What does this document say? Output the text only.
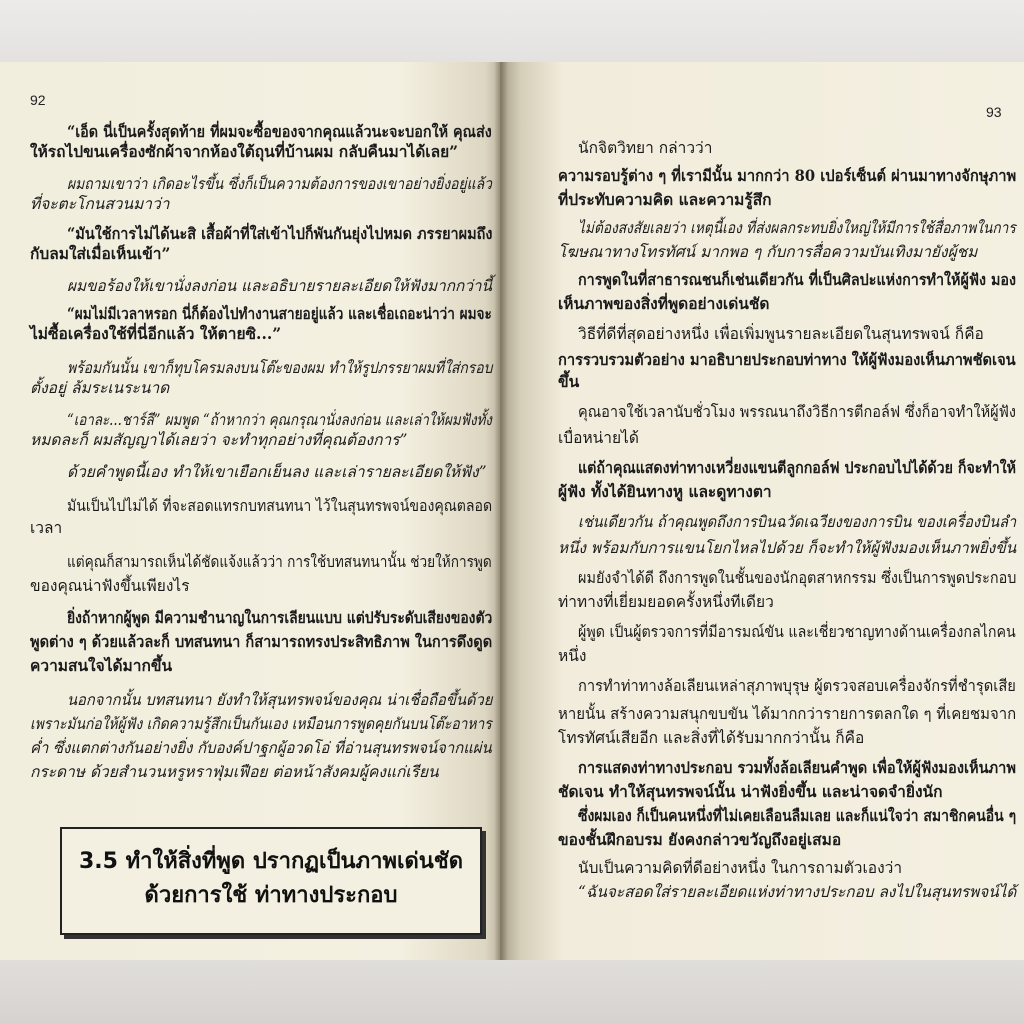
92
“เอ็ด นี่เป็นครั้งสุดท้าย ที่ผมจะซื้อของจากคุณแล้วนะจะบอกให้ คุณส่ง
ให้รถไปขนเครื่องซักผ้าจากห้องใต้ถุนที่บ้านผม กลับคืนมาได้เลย”
ผมถามเขาว่า เกิดอะไรขึ้น ซึ่งก็เป็นความต้องการของเขาอย่างยิ่งอยู่แล้ว
ที่จะตะโกนสวนมาว่า
“มันใช้การไม่ได้นะสิ เสื้อผ้าที่ใส่เข้าไปก็พันกันยุ่งไปหมด ภรรยาผมถึง
กับลมใส่เมื่อเห็นเข้า”
ผมขอร้องให้เขานั่งลงก่อน และอธิบายรายละเอียดให้ฟังมากกว่านี้
“ผมไม่มีเวลาหรอก นี่ก็ต้องไปทำงานสายอยู่แล้ว และเชื่อเถอะน่าว่า ผมจะ
ไม่ซื้อเครื่องใช้ที่นี่อีกแล้ว ให้ตายซิ...”
พร้อมกันนั้น เขาก็ทุบโครมลงบนโต๊ะของผม ทำให้รูปภรรยาผมที่ใส่กรอบ
ตั้งอยู่ ล้มระเนระนาด
“เอาละ...ชาร์ลี” ผมพูด “ถ้าหากว่า คุณกรุณานั่งลงก่อน และเล่าให้ผมฟังทั้ง
หมดละก็ ผมสัญญาได้เลยว่า จะทำทุกอย่างที่คุณต้องการ”
ด้วยคำพูดนี้เอง ทำให้เขาเยือกเย็นลง และเล่ารายละเอียดให้ฟัง”
มันเป็นไปไม่ได้ ที่จะสอดแทรกบทสนทนา ไว้ในสุนทรพจน์ของคุณตลอด
เวลา
แต่คุณก็สามารถเห็นได้ชัดแจ้งแล้วว่า การใช้บทสนทนานั้น ช่วยให้การพูด
ของคุณน่าฟังขึ้นเพียงไร
ยิ่งถ้าหากผู้พูด มีความชำนาญในการเลียนแบบ แต่ปรับระดับเสียงของตัว
พูดต่าง ๆ ด้วยแล้วละก็ บทสนทนา ก็สามารถทรงประสิทธิภาพ ในการดึงดูด
ความสนใจได้มากขึ้น
นอกจากนั้น บทสนทนา ยังทำให้สุนทรพจน์ของคุณ น่าเชื่อถือขึ้นด้วย
เพราะมันก่อให้ผู้ฟัง เกิดความรู้สึกเป็นกันเอง เหมือนการพูดคุยกันบนโต๊ะอาหาร
ค่ำ ซึ่งแตกต่างกันอย่างยิ่ง กับองค์ปาฐกผู้อวดโอ่ ที่อ่านสุนทรพจน์จากแผ่น
กระดาษ ด้วยสำนวนหรูหราฟุ่มเฟือย ต่อหน้าสังคมผู้คงแก่เรียน
3.5 ทำให้สิ่งที่พูด ปรากฏเป็นภาพเด่นชัด
ด้วยการใช้ ท่าทางประกอบ
93
นักจิตวิทยา กล่าวว่า
ความรอบรู้ต่าง ๆ ที่เรามีนั้น มากกว่า 80 เปอร์เซ็นต์ ผ่านมาทางจักษุภาพ
ที่ประทับความคิด และความรู้สึก
ไม่ต้องสงสัยเลยว่า เหตุนี้เอง ที่ส่งผลกระทบยิ่งใหญ่ให้มีการใช้สื่อภาพในการ
โฆษณาทางโทรทัศน์ มากพอ ๆ กับการสื่อความบันเทิงมายังผู้ชม
การพูดในที่สาธารณชนก็เช่นเดียวกัน ที่เป็นศิลปะแห่งการทำให้ผู้ฟัง มอง
เห็นภาพของสิ่งที่พูดอย่างเด่นชัด
วิธีที่ดีที่สุดอย่างหนึ่ง เพื่อเพิ่มพูนรายละเอียดในสุนทรพจน์ ก็คือ
การรวบรวมตัวอย่าง มาอธิบายประกอบท่าทาง ให้ผู้ฟังมองเห็นภาพชัดเจน
ขึ้น
คุณอาจใช้เวลานับชั่วโมง พรรณนาถึงวิธีการตีกอล์ฟ ซึ่งก็อาจทำให้ผู้ฟัง
เบื่อหน่ายได้
แต่ถ้าคุณแสดงท่าทางเหวี่ยงแขนตีลูกกอล์ฟ ประกอบไปได้ด้วย ก็จะทำให้
ผู้ฟัง ทั้งได้ยินทางหู และดูทางตา
เช่นเดียวกัน ถ้าคุณพูดถึงการบินฉวัดเฉวียงของการบิน ของเครื่องบินลำ
หนึ่ง พร้อมกับการแขนโยกไหลไปด้วย ก็จะทำให้ผู้ฟังมองเห็นภาพยิ่งขึ้น
ผมยังจำได้ดี ถึงการพูดในชั้นของนักอุตสาหกรรม ซึ่งเป็นการพูดประกอบ
ท่าทางที่เยี่ยมยอดครั้งหนึ่งทีเดียว
ผู้พูด เป็นผู้ตรวจการที่มีอารมณ์ขัน และเชี่ยวชาญทางด้านเครื่องกลไกคน
หนึ่ง
การทำท่าทางล้อเลียนเหล่าสุภาพบุรุษ ผู้ตรวจสอบเครื่องจักรที่ชำรุดเสีย
หายนั้น สร้างความสนุกขบขัน ได้มากกว่ารายการตลกใด ๆ ที่เคยชมจาก
โทรทัศน์เสียอีก และสิ่งที่ได้รับมากกว่านั้น ก็คือ
การแสดงท่าทางประกอบ รวมทั้งล้อเลียนคำพูด เพื่อให้ผู้ฟังมองเห็นภาพ
ชัดเจน ทำให้สุนทรพจน์นั้น น่าฟังยิ่งขึ้น และน่าจดจำยิ่งนัก
ซึ่งผมเอง ก็เป็นคนหนึ่งที่ไม่เคยเลือนลืมเลย และก็แน่ใจว่า สมาชิกคนอื่น ๆ
ของชั้นฝึกอบรม ยังคงกล่าวขวัญถึงอยู่เสมอ
นับเป็นความคิดที่ดีอย่างหนึ่ง ในการถามตัวเองว่า
“ฉันจะสอดใส่รายละเอียดแห่งท่าทางประกอบ ลงไปในสุนทรพจน์ได้
